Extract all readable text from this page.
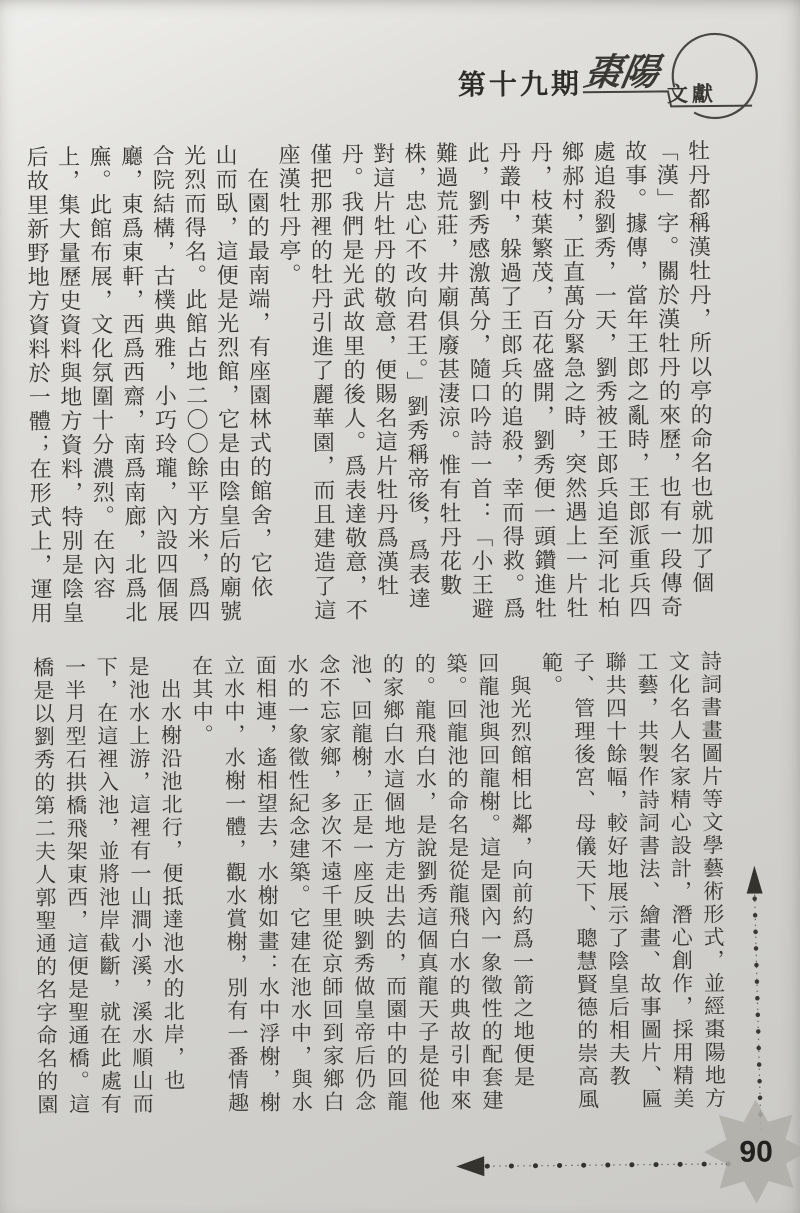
第十九期 棗陽
文獻
牡丹都稱漢牡丹，所以亭的命名也就加了個
「漢」字。關於漢牡丹的來歷，也有一段傳奇
故事。據傳，當年王郎之亂時，王郎派重兵四
處追殺劉秀，一天，劉秀被王郎兵追至河北柏
鄉郝村，正直萬分緊急之時，突然遇上一片牡
丹，枝葉繁茂，百花盛開，劉秀便一頭鑽進牡
丹叢中，躲過了王郎兵的追殺，幸而得救。爲
此，劉秀感激萬分，隨口吟詩一首：「小王避
難過荒莊，井廟俱廢甚淒涼。惟有牡丹花數
株，忠心不改向君王。」劉秀稱帝後，爲表達
對這片牡丹的敬意，便賜名這片牡丹爲漢牡
丹。我們是光武故里的後人。爲表達敬意，不
僅把那裡的牡丹引進了麗華園，而且建造了這
座漢牡丹亭。
　在園的最南端，有座園林式的館舍，它依
山而臥，這便是光烈館，它是由陰皇后的廟號
光烈而得名。此館占地二〇〇餘平方米，爲四
合院結構，古樸典雅，小巧玲瓏，內設四個展
廳，東爲東軒，西爲西齋，南爲南廊，北爲北
廡。此館布展，文化氛圍十分濃烈。在內容
上，集大量歷史資料與地方資料，特別是陰皇
后故里新野地方資料於一體；在形式上，運用
詩詞書畫圖片等文學藝術形式，並經棗陽地方
文化名人名家精心設計，潛心創作，採用精美
工藝，共製作詩詞書法、繪畫、故事圖片、匾
聯共四十餘幅，較好地展示了陰皇后相夫教
子、管理後宮、母儀天下、聰慧賢德的崇高風
範。
　與光烈館相比鄰，向前約爲一箭之地便是
回龍池與回龍榭。這是園內一象徵性的配套建
築。回龍池的命名是從龍飛白水的典故引申來
的。龍飛白水，是說劉秀這個真龍天子是從他
的家鄉白水這個地方走出去的，而園中的回龍
池、回龍榭，正是一座反映劉秀做皇帝后仍念
念不忘家鄉，多次不遠千里從京師回到家鄉白
水的一象徵性紀念建築。它建在池水中，與水
面相連，遙相望去，水榭如畫：水中浮榭，榭
立水中，水榭一體，觀水賞榭，別有一番情趣
在其中。
　出水榭沿池北行，便抵達池水的北岸，也
是池水上游，這裡有一山澗小溪，溪水順山而
下，在這裡入池，並將池岸截斷，就在此處有
一半月型石拱橋飛架東西，這便是聖通橋。這
橋是以劉秀的第二夫人郭聖通的名字命名的園
90
